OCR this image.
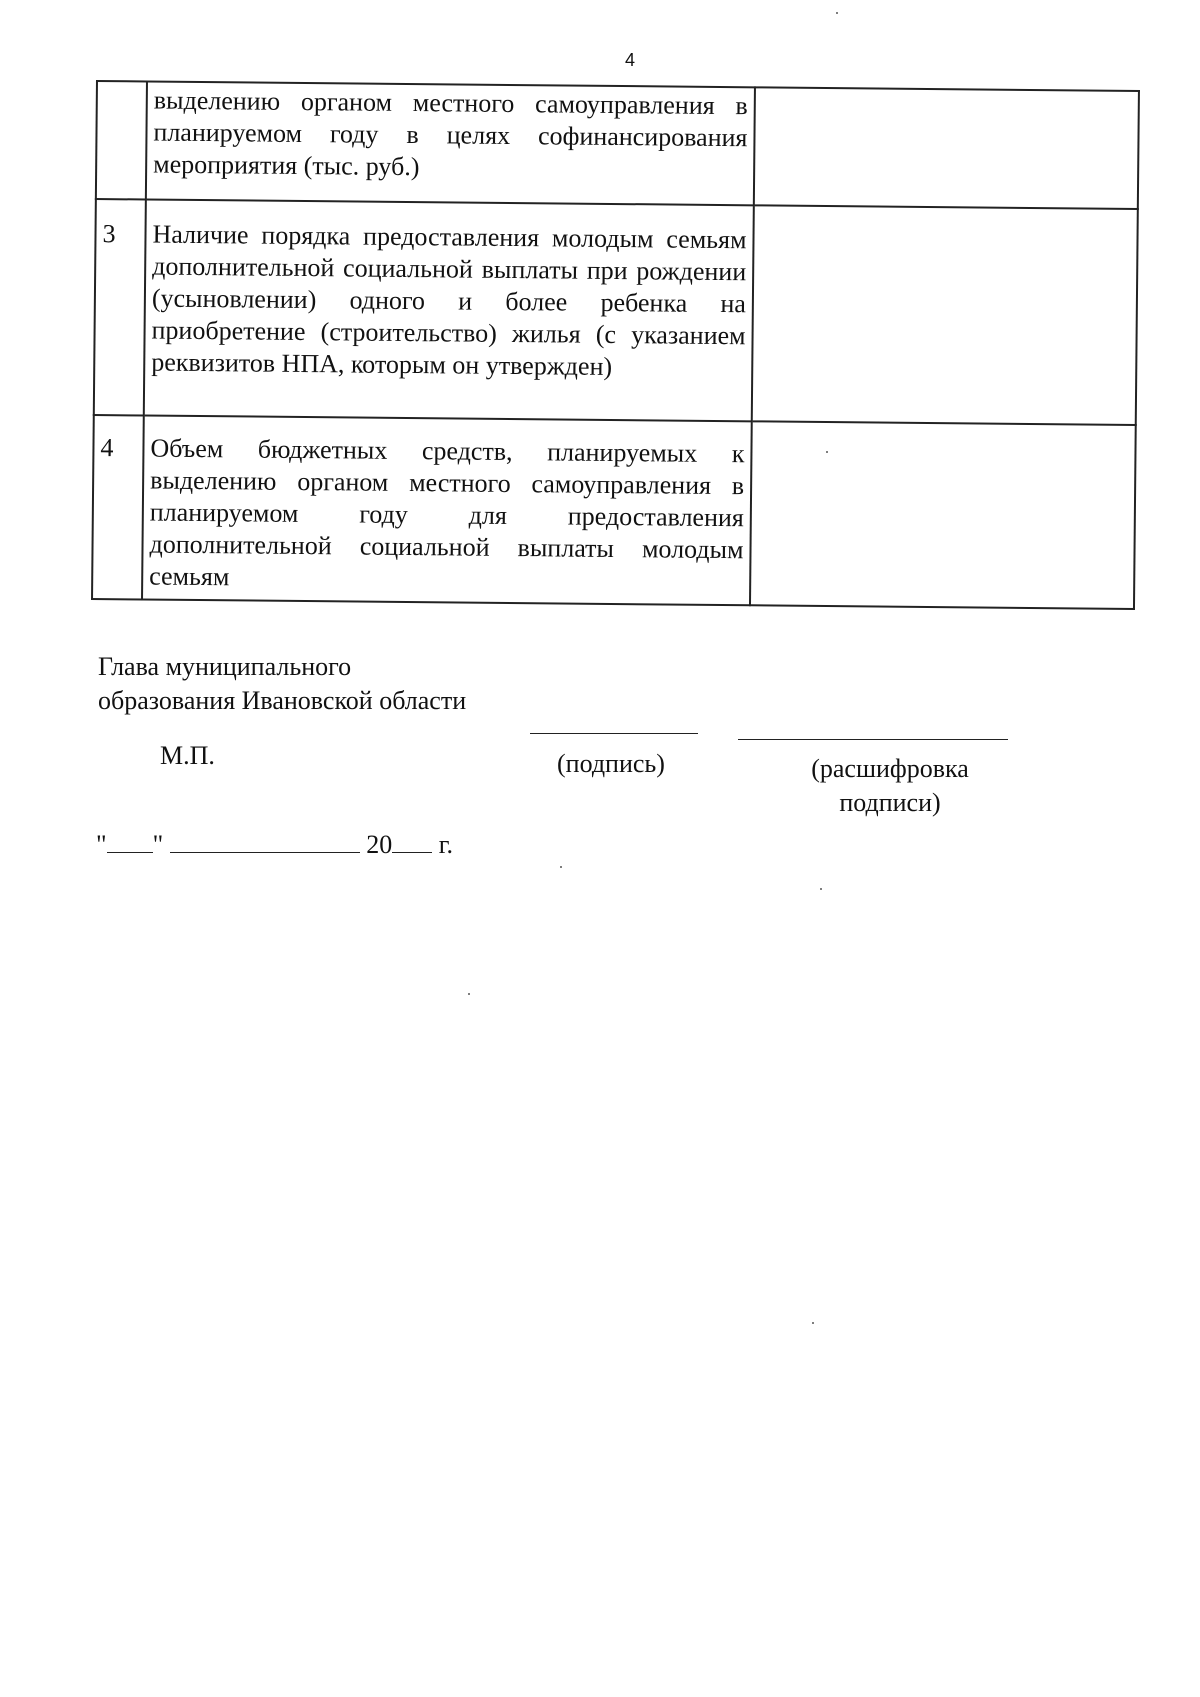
4
	выделению органом местного самоуправления в планируемом году в целях софинансирования мероприятия (тыс. руб.)	
3	Наличие порядка предоставления молодым семьям дополнительной социальной выплаты при рождении (усыновлении) одного и более ребенка на приобретение (строительство) жилья (с указанием реквизитов НПА, которым он утвержден)	
4	Объем бюджетных средств, планируемых к выделению органом местного самоуправления в планируемом году для предоставления дополнительной социальной выплаты молодым семьям	
Глава муниципального
образования Ивановской области
М.П.	(подпись)	(расшифровка
подписи)
" "	20 г.
